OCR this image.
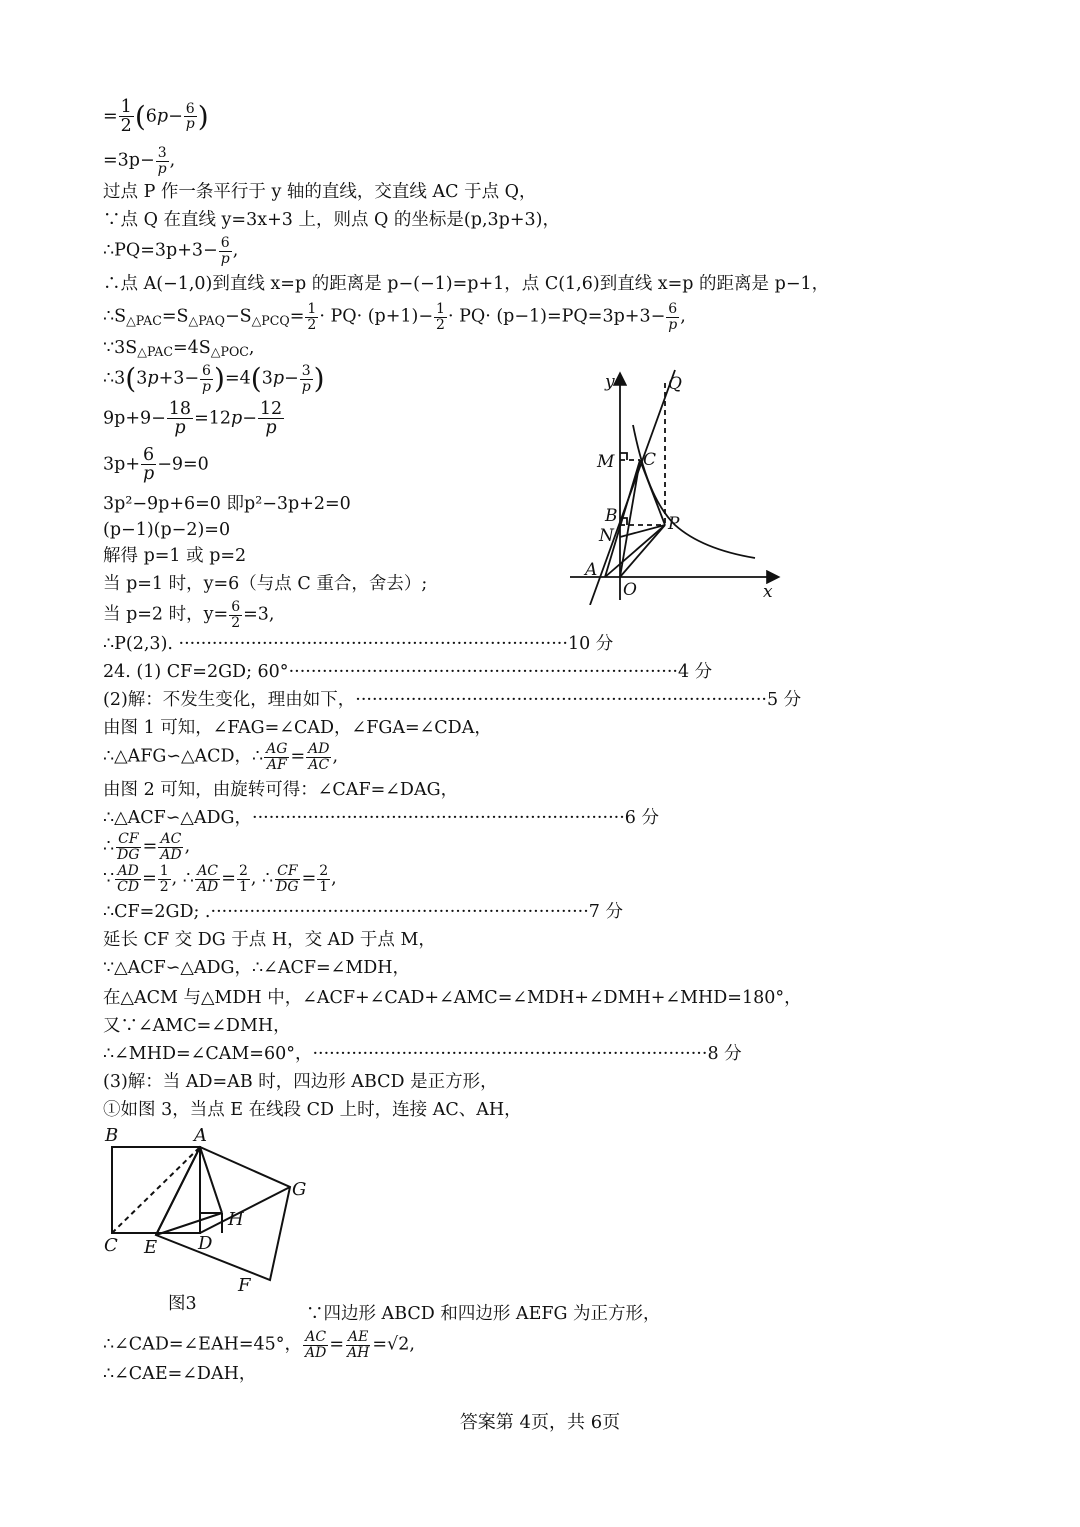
= $\frac{1}{2} (6p- \frac{6}{p}$ )
$=3p- \frac{3}{p}$ ,
过点 P 作一条平行于 y 轴的直线，交直线 AC 于点 Q，
∵点 Q 在直线 y=3x+3 上，则点 Q 的坐标是(p,3p+3)，
∴PQ=3p+3− $\frac{6}{p}$ ,
∴点 A(−1,0)到直线 x=p 的距离是 p−(−1)=p+1，点 C(1,6)到直线 x=p 的距离是 p−1，
$\therefore S_{\triangle PAC}=S_{\triangle PAQ}-S_{\triangle PCQ}= \frac{1}{2} \cdot PQ\cdot (p+1)- \frac{1}{2} \cdot PQ\cdot (p-1)=PQ=3p+3- \frac{6}{p}$ ,
$\because 3S_{\triangle PAC}=4S_{\triangle POC}$,
∴3(3p+3− $\frac{6}{p} )=4(3p- \frac{3}{p}$ )
$9p+9- \frac{18}{p} =12p- \frac{12}{p}$
$3p+ \frac{6}{p} -9=0$
3p²−9p+6=0 即p²−3p+2=0
(p−1)(p−2)=0
解得 p=1 或 p=2
当 p=1 时，y=6（与点 C 重合，舍去）;
当 p=2 时，$y= \frac{6}{2} =3$,
∴P(2,3). ······································································10 分
24. (1) CF=2GD; 60°······································································4 分
(2)解：不发生变化，理由如下，··········································································5 分
由图 1 可知，∠FAG=∠CAD，∠FGA=∠CDA，
∴△AFG∽△ACD，∴ $\frac{AG}{AF} = \frac{AD}{AC}$ ,
由图 2 可知，由旋转可得：∠CAF=∠DAG，
∴△ACF∽△ADG，···································································6 分
∴ $\frac{CF}{DG} = \frac{AC}{AD}$ ,
∵ $\frac{AD}{CD} = \frac{1}{2}$ , ∴ $\frac{AC}{AD} = \frac{2}{1}$ , ∴ $\frac{CF}{DG} = \frac{2}{1}$ ,
∴CF=2GD; .····································································7 分
延长 CF 交 DG 于点 H，交 AD 于点 M，
∵△ACF∽△ADG，∴∠ACF=∠MDH，
在△ACM 与△MDH 中，∠ACF+∠CAD+∠AMC=∠MDH+∠DMH+∠MHD=180°，
又∵∠AMC=∠DMH，
∴∠MHD=∠CAM=60°，·······································································8 分
(3)解：当 AD=AB 时，四边形 ABCD 是正方形，
①如图 3，当点 E 在线段 CD 上时，连接 AC、AH，
B	A
G
H
C E D
F
图3	∵四边形 ABCD 和四边形 AEFG 为正方形，
∴∠CAD=∠EAH=45°， $\frac{AC}{AD} = \frac{AE}{AH} =√2$,
∴∠CAE=∠DAH，
y	Q
M C
B	P
N
A
O	x
答案第 4页，共 6页
